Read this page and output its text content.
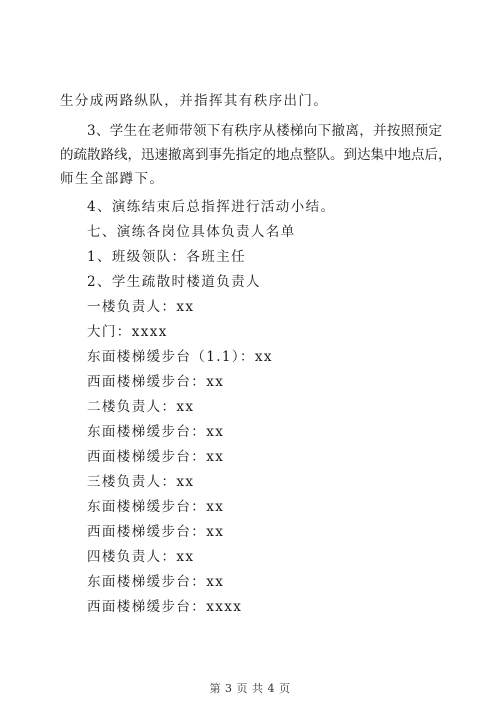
生分成两路纵队，并指挥其有秩序出门。
3、学生在老师带领下有秩序从楼梯向下撤离，并按照预定
的疏散路线，迅速撤离到事先指定的地点整队。到达集中地点后，
师生全部蹲下。
4、演练结束后总指挥进行活动小结。
七、演练各岗位具体负责人名单
1、班级领队：各班主任
2、学生疏散时楼道负责人
一楼负责人：xx
大门：xxxx
东面楼梯缓步台（1.1）：xx
西面楼梯缓步台：xx
二楼负责人：xx
东面楼梯缓步台：xx
西面楼梯缓步台：xx
三楼负责人：xx
东面楼梯缓步台：xx
西面楼梯缓步台：xx
四楼负责人：xx
东面楼梯缓步台：xx
西面楼梯缓步台：xxxx
第 3 页 共 4 页
